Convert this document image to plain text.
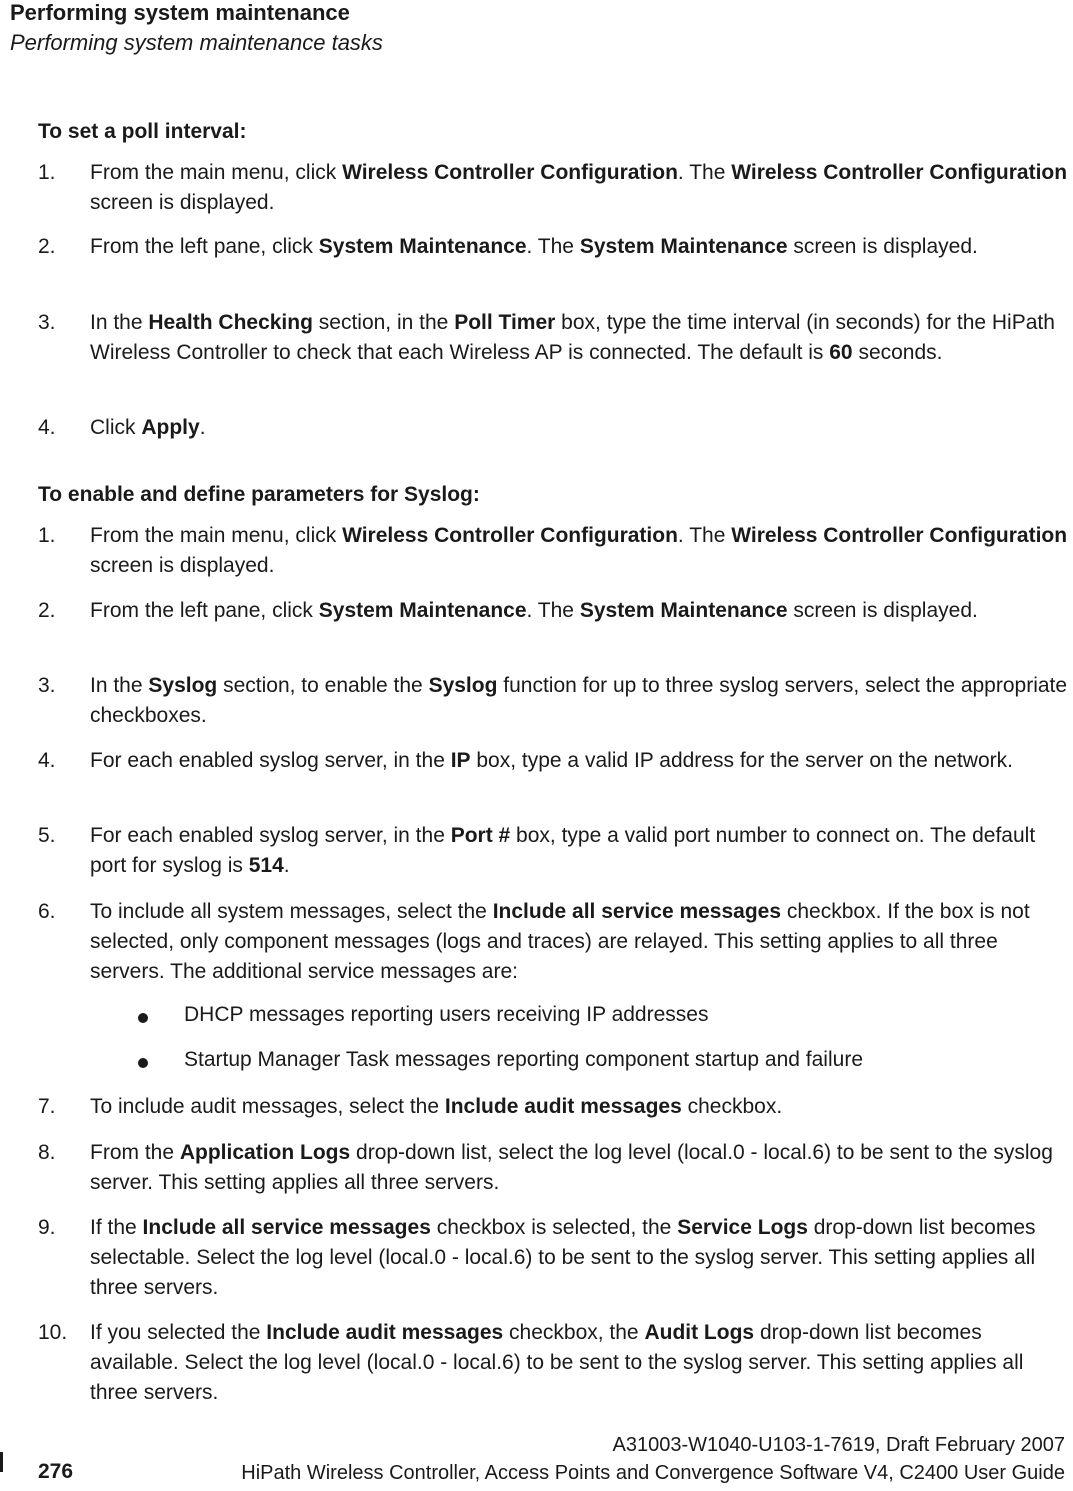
Performing system maintenance
Performing system maintenance tasks
To set a poll interval:
1.	From the main menu, click Wireless Controller Configuration. The Wireless Controller Configuration screen is displayed.
2.	From the left pane, click System Maintenance. The System Maintenance screen is displayed.
3.	In the Health Checking section, in the Poll Timer box, type the time interval (in seconds) for the HiPath Wireless Controller to check that each Wireless AP is connected. The default is 60 seconds.
4.	Click Apply.
To enable and define parameters for Syslog:
1.	From the main menu, click Wireless Controller Configuration. The Wireless Controller Configuration screen is displayed.
2.	From the left pane, click System Maintenance. The System Maintenance screen is displayed.
3.	In the Syslog section, to enable the Syslog function for up to three syslog servers, select the appropriate checkboxes.
4.	For each enabled syslog server, in the IP box, type a valid IP address for the server on the network.
5.	For each enabled syslog server, in the Port # box, type a valid port number to connect on. The default port for syslog is 514.
6.	To include all system messages, select the Include all service messages checkbox. If the box is not selected, only component messages (logs and traces) are relayed. This setting applies to all three servers. The additional service messages are:
DHCP messages reporting users receiving IP addresses
Startup Manager Task messages reporting component startup and failure
7.	To include audit messages, select the Include audit messages checkbox.
8.	From the Application Logs drop-down list, select the log level (local.0 - local.6) to be sent to the syslog server. This setting applies all three servers.
9.	If the Include all service messages checkbox is selected, the Service Logs drop-down list becomes selectable. Select the log level (local.0 - local.6) to be sent to the syslog server. This setting applies all three servers.
10.	If you selected the Include audit messages checkbox, the Audit Logs drop-down list becomes available. Select the log level (local.0 - local.6) to be sent to the syslog server. This setting applies all three servers.
A31003-W1040-U103-1-7619, Draft February 2007
276	HiPath Wireless Controller, Access Points and Convergence Software V4, C2400 User Guide
